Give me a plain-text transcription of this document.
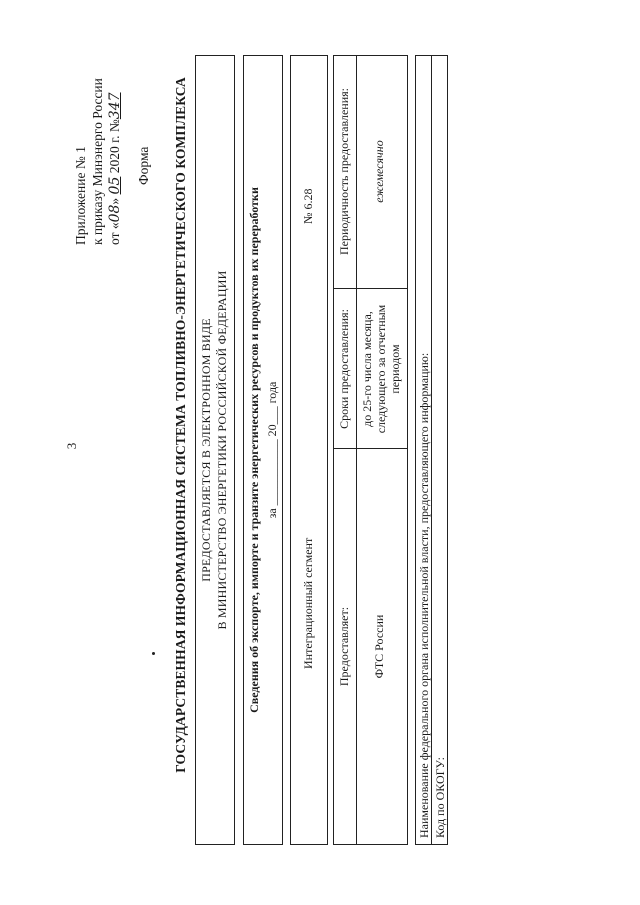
3
Приложение № 1 к приказу Минэнерго России от «08» 05 2020 г. №347
Форма ГОСУДАРСТВЕННАЯ ИНФОРМАЦИОННАЯ СИСТЕМА ТОПЛИВНО-ЭНЕРГЕТИЧЕСКОГО КОМПЛЕКСА ПРЕДОСТАВЛЯЕТСЯ В ЭЛЕКТРОННОМ ВИДЕ В МИНИСТЕРСТВО ЭНЕРГЕТИКИ РОССИЙСКОЙ ФЕДЕРАЦИИ Сведения об экспорте, импорте и транзите энергетических ресурсов и продуктов их переработки за ___________ 20___ года
Интеграционный сегмент
№ 6.28
Предоставляет:
Сроки предоставления:
Периодичность предоставления:
ФТС России
до 25-го числа месяца, следующего за отчетным периодом
ежемесячно
Наименование федерального органа исполнительной власти, предоставляющего информацию: Код по ОКОГУ:
